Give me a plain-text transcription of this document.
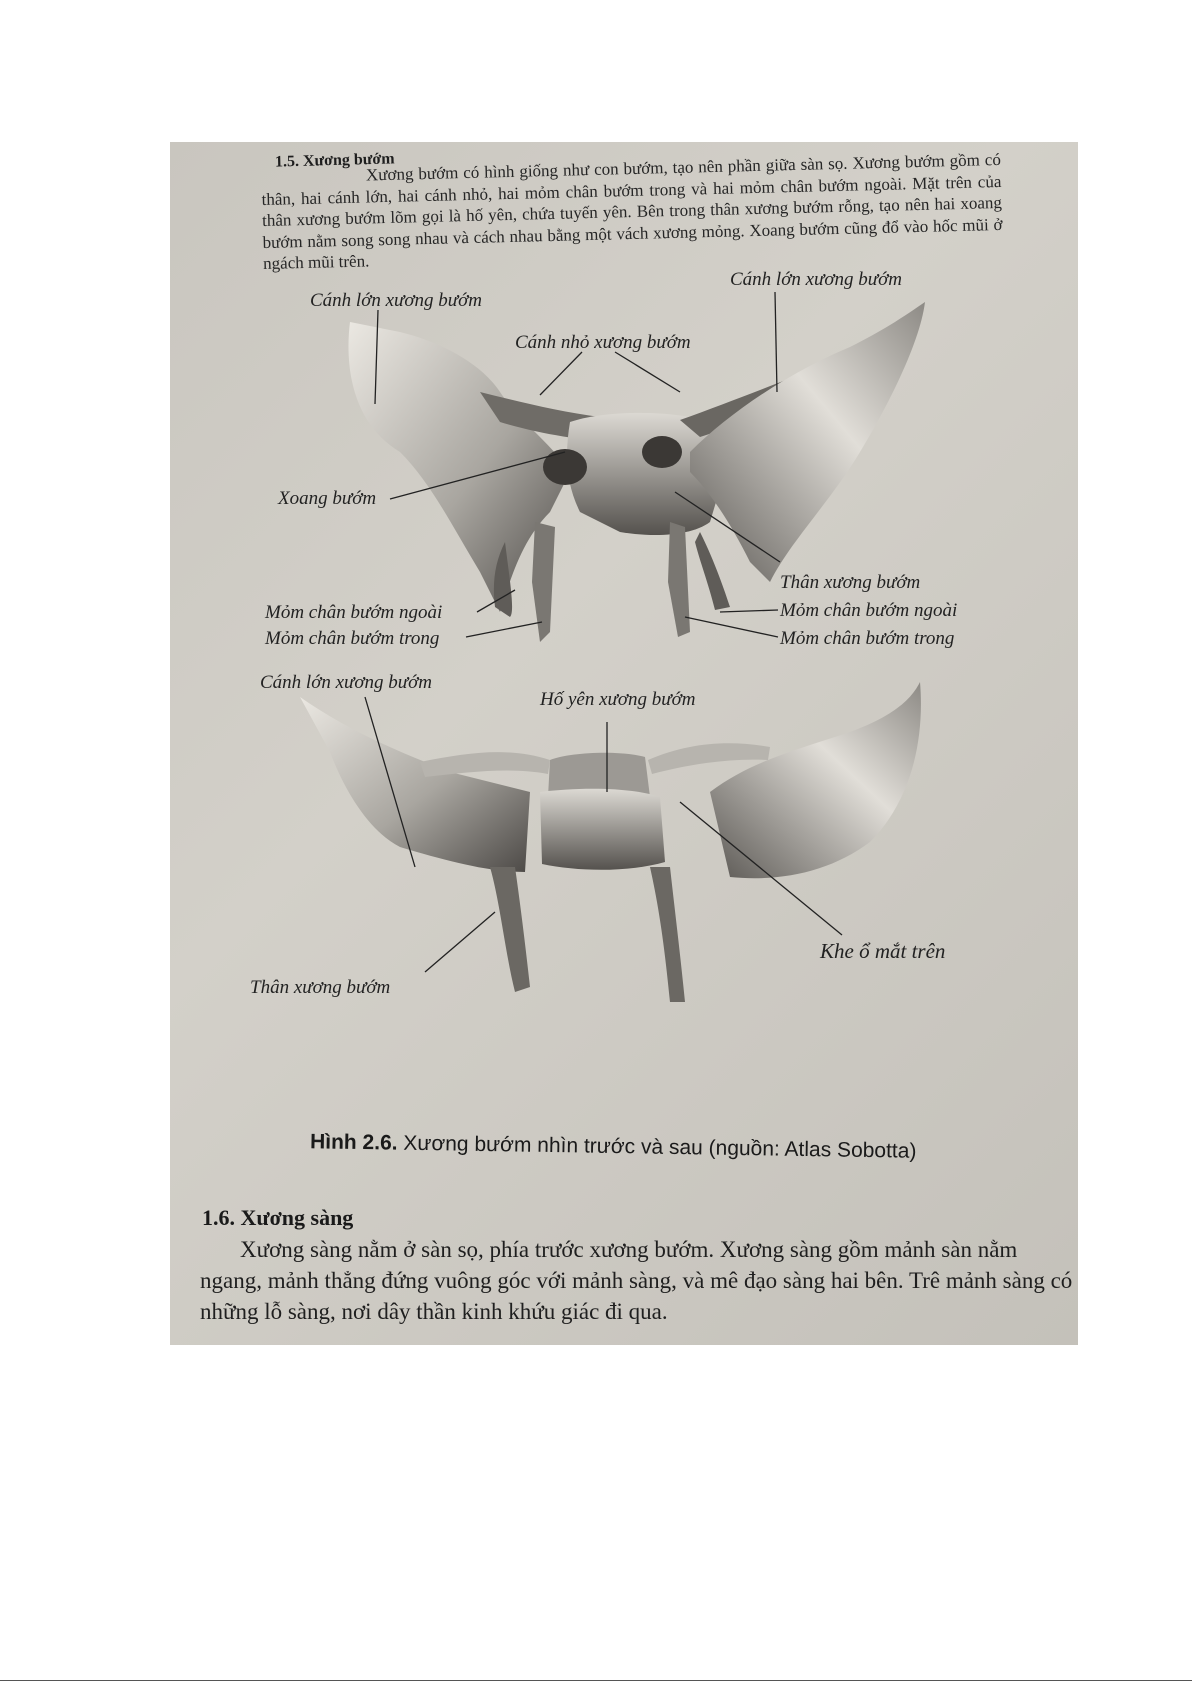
1.5. Xương bướm
Xương bướm có hình giống như con bướm, tạo nên phần giữa sàn sọ. Xương bướm gồm có thân, hai cánh lớn, hai cánh nhỏ, hai mỏm chân bướm trong và hai mỏm chân bướm ngoài. Mặt trên của thân xương bướm lõm gọi là hố yên, chứa tuyến yên. Bên trong thân xương bướm rỗng, tạo nên hai xoang bướm nằm song song nhau và cách nhau bằng một vách xương mỏng. Xoang bướm cũng đổ vào hốc mũi ở ngách mũi trên.
Cánh lớn xương bướm
Cánh lớn xương bướm
Cánh nhỏ xương bướm
Xoang bướm
Thân xương bướm
Mỏm chân bướm ngoài
Mỏm chân bướm trong
Mỏm chân bướm ngoài
Mỏm chân bướm trong
Cánh lớn xương bướm
Hố yên xương bướm
Thân xương bướm
Khe ổ mắt trên
Hình 2.6. Xương bướm nhìn trước và sau (nguồn: Atlas Sobotta)
1.6. Xương sàng
Xương sàng nằm ở sàn sọ, phía trước xương bướm. Xương sàng gồm mảnh sàn nằm ngang, mảnh thẳng đứng vuông góc với mảnh sàng, và mê đạo sàng hai bên. Trê mảnh sàng có những lỗ sàng, nơi dây thần kinh khứu giác đi qua.
